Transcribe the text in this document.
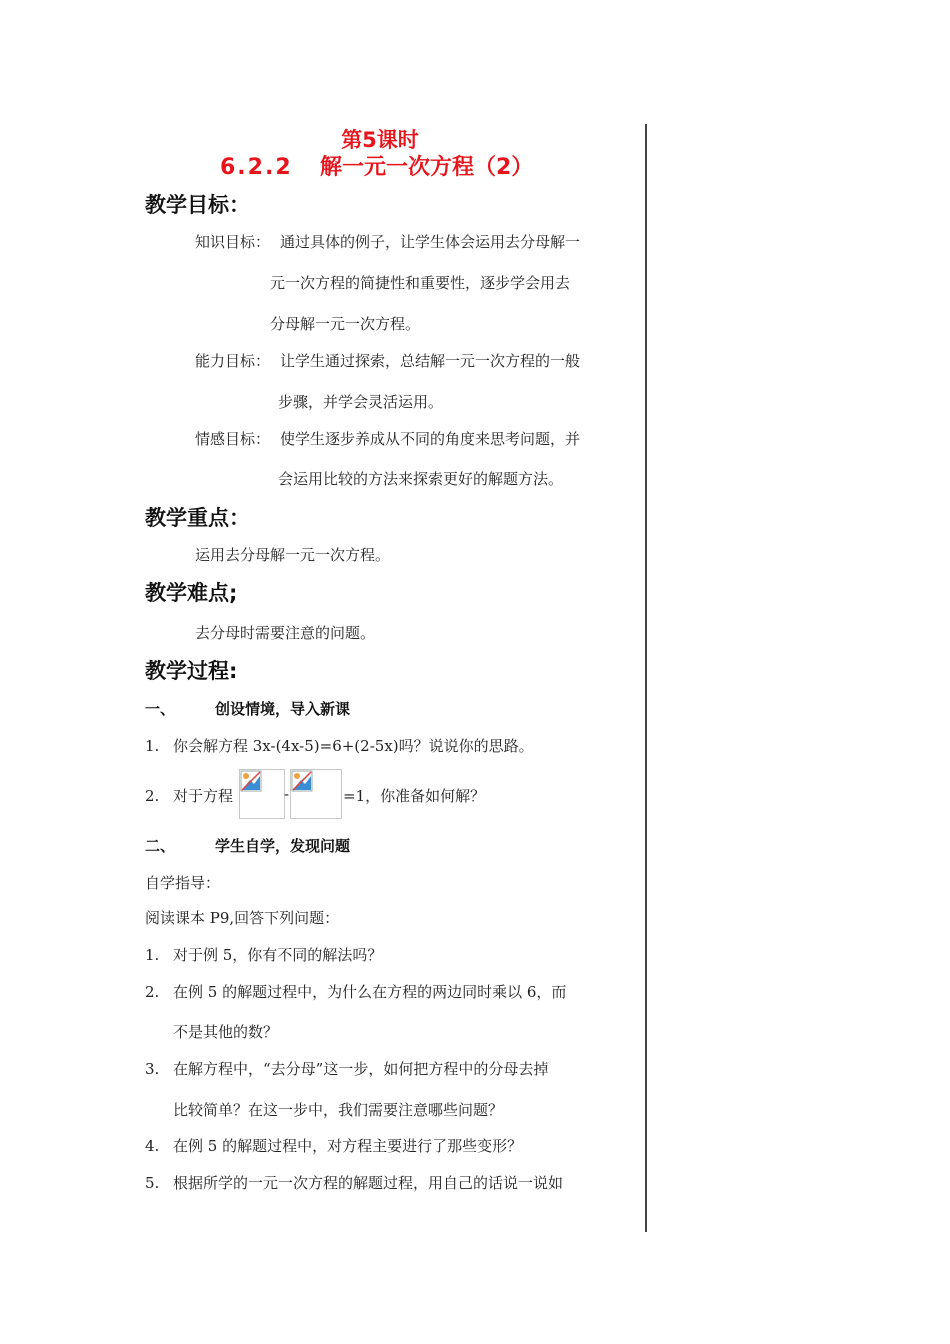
第5课时
6.2.2 解一元一次方程（2）
教学目标：
知识目标： 通过具体的例子，让学生体会运用去分母解一
元一次方程的简捷性和重要性，逐步学会用去
分母解一元一次方程。
能力目标： 让学生通过探索，总结解一元一次方程的一般
步骤，并学会灵活运用。
情感目标： 使学生逐步养成从不同的角度来思考问题，并
会运用比较的方法来探索更好的解题方法。
教学重点：
运用去分母解一元一次方程。
教学难点;
去分母时需要注意的问题。
教学过程:
一、	创设情境，导入新课
1. 你会解方程 3x-(4x-5)=6+(2-5x)吗？说说你的思路。
2. 对于方程	-	=1，你准备如何解？
二、	学生自学，发现问题
自学指导：
阅读课本 P9,回答下列问题：
1. 对于例 5，你有不同的解法吗？
2. 在例 5 的解题过程中，为什么在方程的两边同时乘以 6，而
不是其他的数？
3. 在解方程中，“去分母”这一步，如何把方程中的分母去掉
比较简单？在这一步中，我们需要注意哪些问题？
4. 在例 5 的解题过程中，对方程主要进行了那些变形？
5. 根据所学的一元一次方程的解题过程，用自己的话说一说如
